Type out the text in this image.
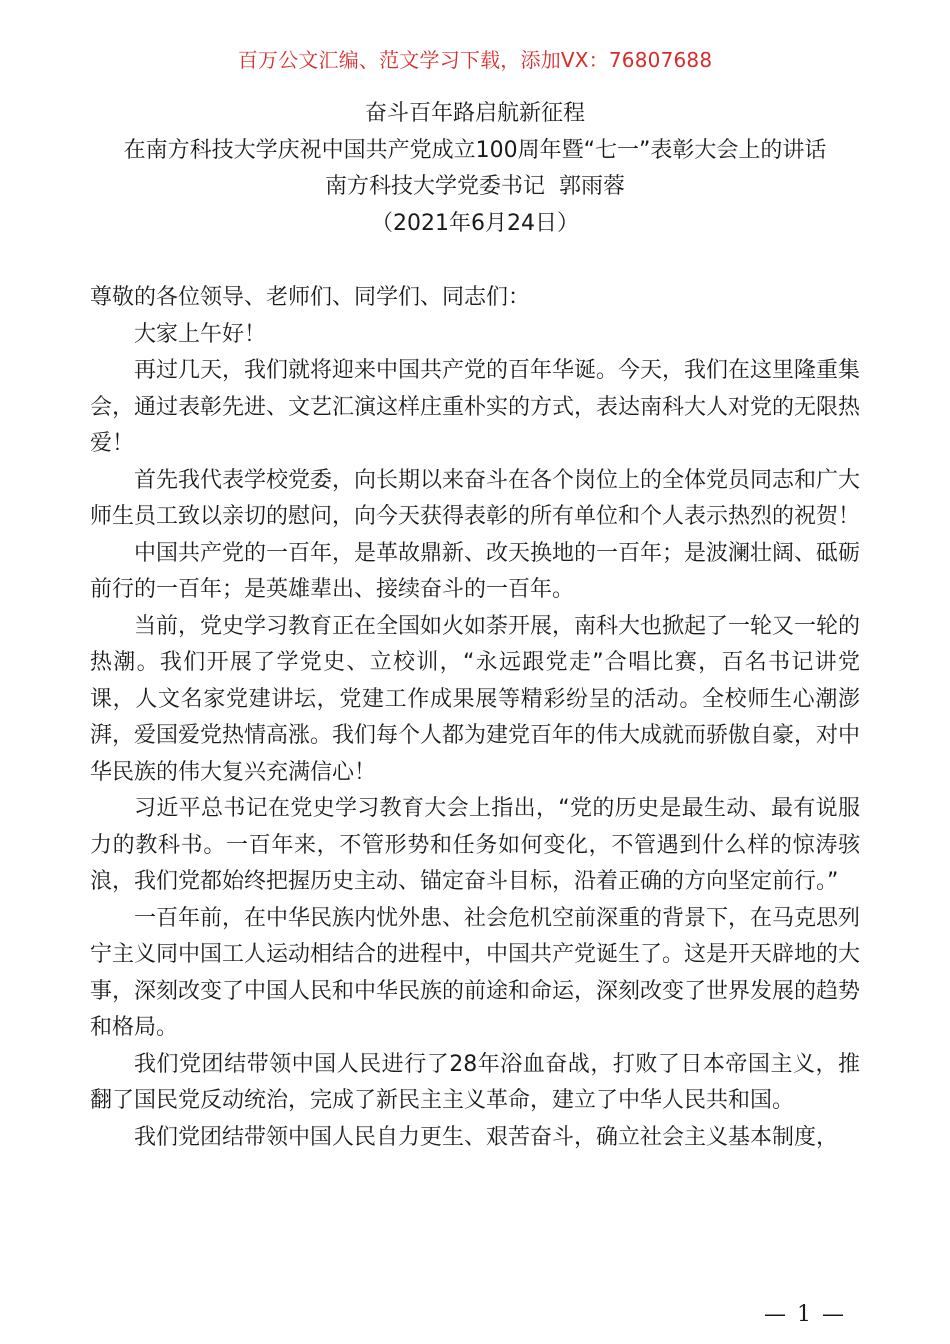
百万公文汇编、范文学习下载，添加VX：76807688
奋斗百年路启航新征程
在南方科技大学庆祝中国共产党成立100周年暨“七一”表彰大会上的讲话
南方科技大学党委书记  郭雨蓉
（2021年6月24日）

尊敬的各位领导、老师们、同学们、同志们：

大家上午好！

再过几天，我们就将迎来中国共产党的百年华诞。今天，我们在这里隆重集会，通过表彰先进、文艺汇演这样庄重朴实的方式，表达南科大人对党的无限热爱！

首先我代表学校党委，向长期以来奋斗在各个岗位上的全体党员同志和广大师生员工致以亲切的慰问，向今天获得表彰的所有单位和个人表示热烈的祝贺！

中国共产党的一百年，是革故鼎新、改天换地的一百年；是波澜壮阔、砥砺前行的一百年；是英雄辈出、接续奋斗的一百年。

当前，党史学习教育正在全国如火如荼开展，南科大也掀起了一轮又一轮的热潮。我们开展了学党史、立校训，“永远跟党走”合唱比赛，百名书记讲党课，人文名家党建讲坛，党建工作成果展等精彩纷呈的活动。全校师生心潮澎湃，爱国爱党热情高涨。我们每个人都为建党百年的伟大成就而骄傲自豪，对中华民族的伟大复兴充满信心！

习近平总书记在党史学习教育大会上指出，“党的历史是最生动、最有说服力的教科书。一百年来，不管形势和任务如何变化，不管遇到什么样的惊涛骇浪，我们党都始终把握历史主动、锚定奋斗目标，沿着正确的方向坚定前行。”

一百年前，在中华民族内忧外患、社会危机空前深重的背景下，在马克思列宁主义同中国工人运动相结合的进程中，中国共产党诞生了。这是开天辟地的大事，深刻改变了中国人民和中华民族的前途和命运，深刻改变了世界发展的趋势和格局。

我们党团结带领中国人民进行了28年浴血奋战，打败了日本帝国主义，推翻了国民党反动统治，完成了新民主主义革命，建立了中华人民共和国。

我们党团结带领中国人民自力更生、艰苦奋斗，确立社会主义基本制度，

— 1 —
